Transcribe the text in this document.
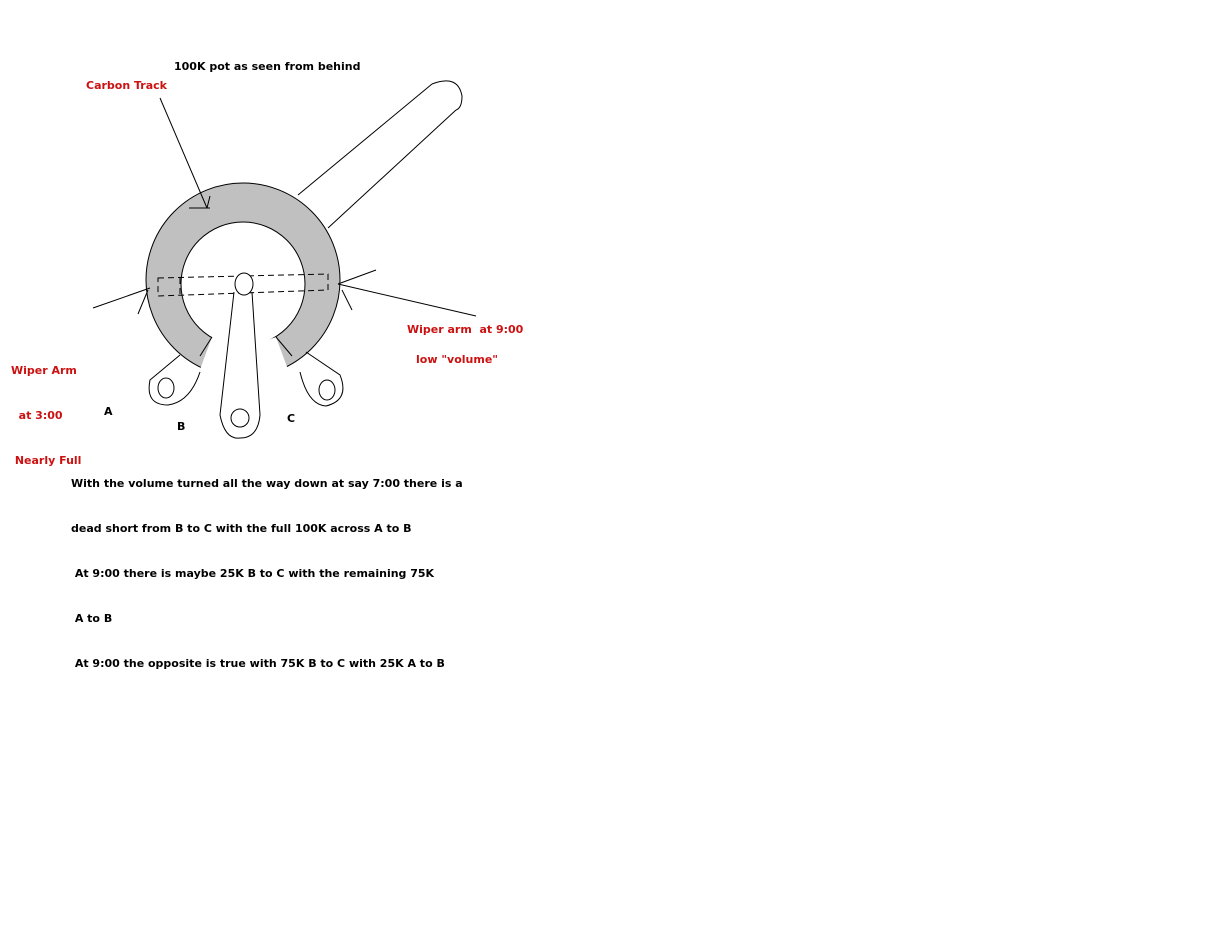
100K pot as seen from behind
Carbon Track

Wiper Arm

at 3:00

Nearly Full

Wiper arm  at 9:00
low "volume"
A
B
C

With the volume turned all the way down at say 7:00 there is a

dead short from B to C with the full 100K across A to B

At 9:00 there is maybe 25K B to C with the remaining 75K

A to B

At 9:00 the opposite is true with 75K B to C with 25K A to B
